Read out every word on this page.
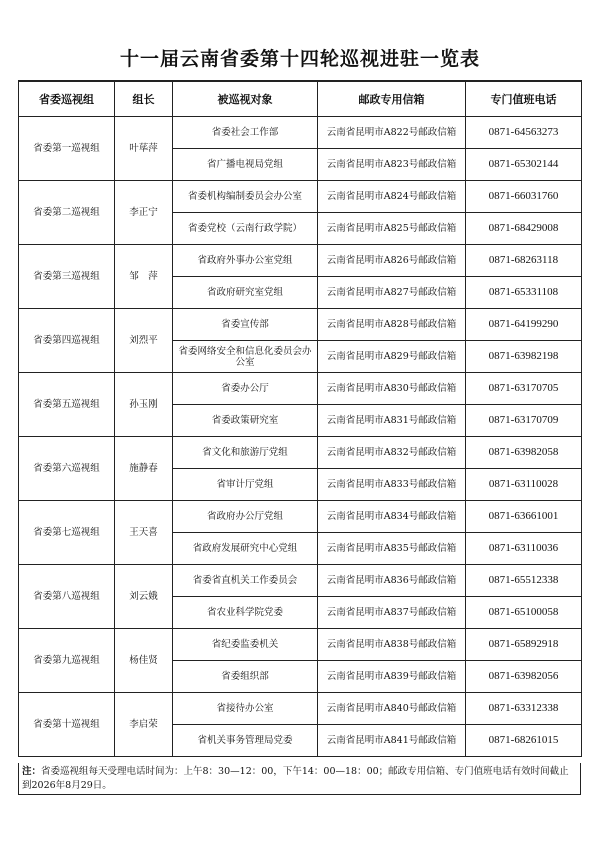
十一届云南省委第十四轮巡视进驻一览表
省委巡视组	组长	被巡视对象	邮政专用信箱	专门值班电话
省委第一巡视组	叶荜萍	省委社会工作部	云南省昆明市A822号邮政信箱	0871-64563273
		省广播电视局党组	云南省昆明市A823号邮政信箱	0871-65302144
省委第二巡视组	李正宁	省委机构编制委员会办公室	云南省昆明市A824号邮政信箱	0871-66031760
		省委党校（云南行政学院）	云南省昆明市A825号邮政信箱	0871-68429008
省委第三巡视组	邹　萍	省政府外事办公室党组	云南省昆明市A826号邮政信箱	0871-68263118
		省政府研究室党组	云南省昆明市A827号邮政信箱	0871-65331108
省委第四巡视组	刘烈平	省委宣传部	云南省昆明市A828号邮政信箱	0871-64199290
		省委网络安全和信息化委员会办公室	云南省昆明市A829号邮政信箱	0871-63982198
省委第五巡视组	孙玉刚	省委办公厅	云南省昆明市A830号邮政信箱	0871-63170705
		省委政策研究室	云南省昆明市A831号邮政信箱	0871-63170709
省委第六巡视组	施静春	省文化和旅游厅党组	云南省昆明市A832号邮政信箱	0871-63982058
		省审计厅党组	云南省昆明市A833号邮政信箱	0871-63110028
省委第七巡视组	王天喜	省政府办公厅党组	云南省昆明市A834号邮政信箱	0871-63661001
		省政府发展研究中心党组	云南省昆明市A835号邮政信箱	0871-63110036
省委第八巡视组	刘云娥	省委省直机关工作委员会	云南省昆明市A836号邮政信箱	0871-65512338
		省农业科学院党委	云南省昆明市A837号邮政信箱	0871-65100058
省委第九巡视组	杨佳贤	省纪委监委机关	云南省昆明市A838号邮政信箱	0871-65892918
		省委组织部	云南省昆明市A839号邮政信箱	0871-63982056
省委第十巡视组	李启荣	省接待办公室	云南省昆明市A840号邮政信箱	0871-63312338
		省机关事务管理局党委	云南省昆明市A841号邮政信箱	0871-68261015
注：省委巡视组每天受理电话时间为：上午8：30—12：00，下午14：00—18：00；邮政专用信箱、专门值班电话有效时间截止到2026年8月29日。
